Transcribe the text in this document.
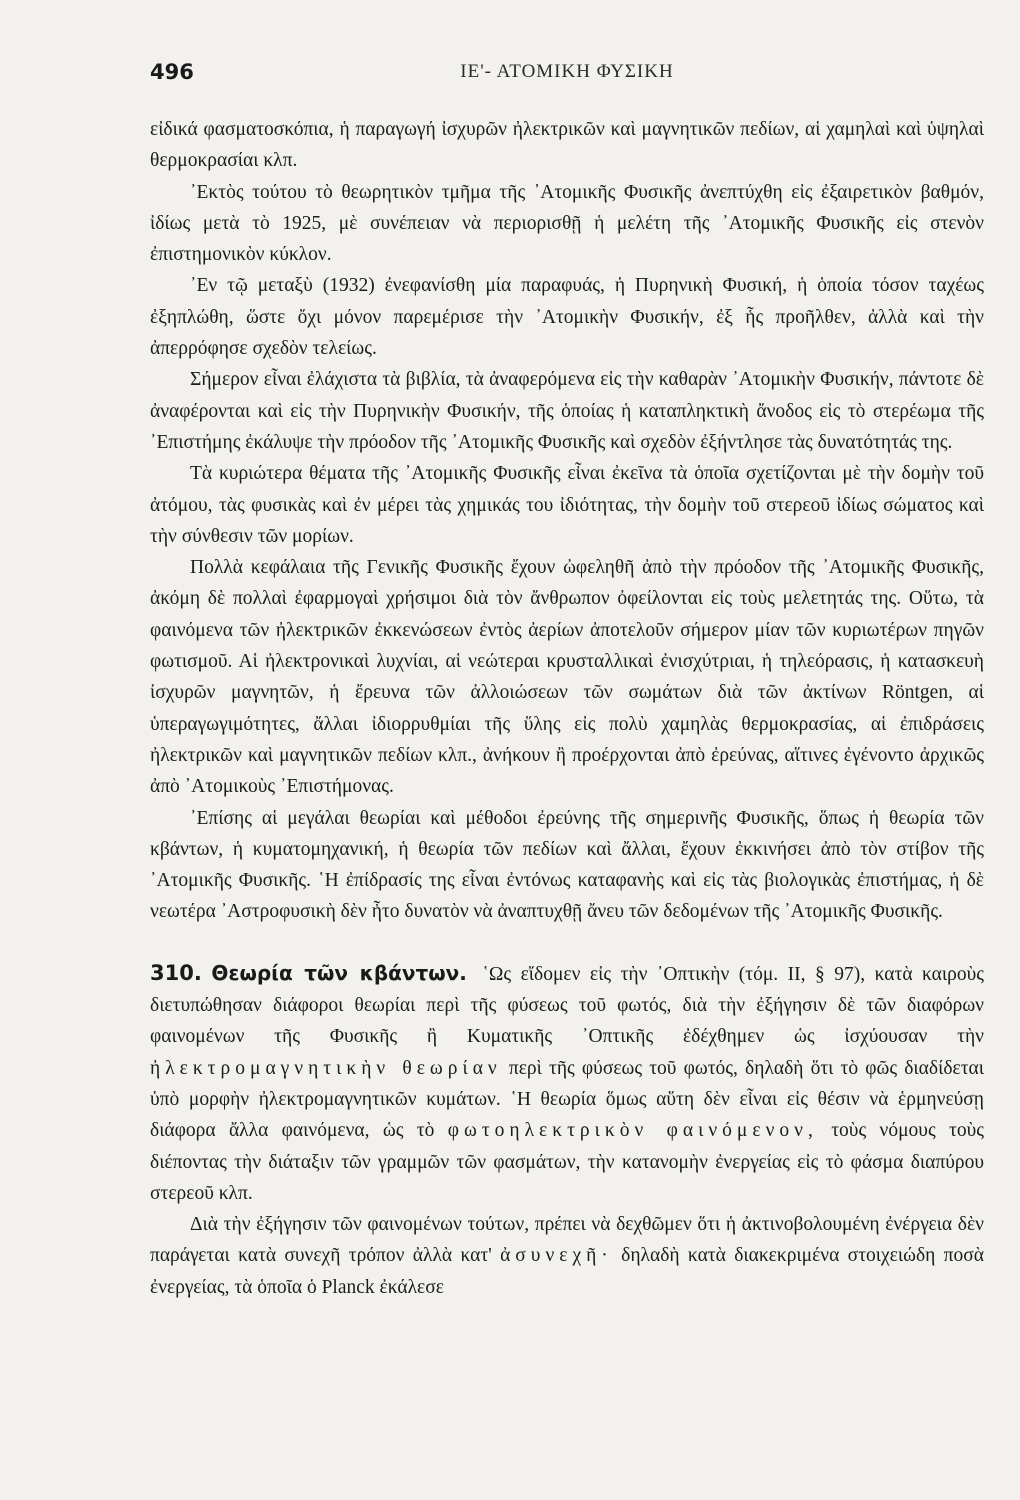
496	ΙΕ'- ΑΤΟΜΙΚΗ ΦΥΣΙΚΗ

εἰδικά φασματοσκόπια, ἡ παραγωγή ἰσχυρῶν ἠλεκτρικῶν καὶ μαγνητικῶν πεδίων, αἱ χαμηλαὶ καὶ ὑψηλαὶ θερμοκρασίαι κλπ.

᾿Εκτὸς τούτου τὸ θεωρητικὸν τμῆμα τῆς ᾿Ατομικῆς Φυσικῆς ἀνεπτύχθη εἰς ἐξαιρετικὸν βαθμόν, ἰδίως μετὰ τὸ 1925, μὲ συνέπειαν νὰ περιορισθῇ ἡ μελέτη τῆς ᾿Ατομικῆς Φυσικῆς εἰς στενὸν ἐπιστημονικὸν κύκλον.

᾿Εν τῷ μεταξὺ (1932) ἐνεφανίσθη μία παραφυάς, ἡ Πυρηνικὴ Φυσική, ἡ ὁποία τόσον ταχέως ἐξηπλώθη, ὥστε ὄχι μόνον παρεμέρισε τὴν ᾿Ατομικὴν Φυσικήν, ἐξ ἧς προῆλθεν, ἀλλὰ καὶ τὴν ἀπερρόφησε σχεδὸν τελείως.

Σήμερον εἶναι ἐλάχιστα τὰ βιβλία, τὰ ἀναφερόμενα εἰς τὴν καθαρὰν ᾿Ατομικὴν Φυσικήν, πάντοτε δὲ ἀναφέρονται καὶ εἰς τὴν Πυρηνικὴν Φυσικήν, τῆς ὁποίας ἡ καταπληκτικὴ ἄνοδος εἰς τὸ στερέωμα τῆς ᾿Επιστήμης ἐκάλυψε τὴν πρόοδον τῆς ᾿Ατομικῆς Φυσικῆς καὶ σχεδὸν ἐξήντλησε τὰς δυνατότητάς της.

Τὰ κυριώτερα θέματα τῆς ᾿Ατομικῆς Φυσικῆς εἶναι ἐκεῖνα τὰ ὁποῖα σχετίζονται μὲ τὴν δομὴν τοῦ ἀτόμου, τὰς φυσικὰς καὶ ἐν μέρει τὰς χημικάς του ἰδιότητας, τὴν δομὴν τοῦ στερεοῦ ἰδίως σώματος καὶ τὴν σύνθεσιν τῶν μορίων.

Πολλὰ κεφάλαια τῆς Γενικῆς Φυσικῆς ἔχουν ὠφεληθῆ ἀπὸ τὴν πρόοδον τῆς ᾿Ατομικῆς Φυσικῆς, ἀκόμη δὲ πολλαὶ ἐφαρμογαὶ χρήσιμοι διὰ τὸν ἄνθρωπον ὀφείλονται εἰς τοὺς μελετητάς της. Οὕτω, τὰ φαινόμενα τῶν ἠλεκτρικῶν ἐκκενώσεων ἐντὸς ἀερίων ἀποτελοῦν σήμερον μίαν τῶν κυριωτέρων πηγῶν φωτισμοῦ. Αἱ ἠλεκτρονικαὶ λυχνίαι, αἱ νεώτεραι κρυσταλλικαὶ ἐνισχύτριαι, ἡ τηλεόρασις, ἡ κατασκευὴ ἰσχυρῶν μαγνητῶν, ἡ ἔρευνα τῶν ἀλλοιώσεων τῶν σωμάτων διὰ τῶν ἀκτίνων Röntgen, αἱ ὑπεραγωγιμότητες, ἄλλαι ἰδιορρυθμίαι τῆς ὕλης εἰς πολὺ χαμηλὰς θερμοκρασίας, αἱ ἐπιδράσεις ἠλεκτρικῶν καὶ μαγνητικῶν πεδίων κλπ., ἀνήκουν ἢ προέρχονται ἀπὸ ἐρεύνας, αἵτινες ἐγένοντο ἀρχικῶς ἀπὸ ᾿Ατομικοὺς ᾿Επιστήμονας.

᾿Επίσης αἱ μεγάλαι θεωρίαι καὶ μέθοδοι ἐρεύνης τῆς σημερινῆς Φυσικῆς, ὅπως ἡ θεωρία τῶν κβάντων, ἡ κυματομηχανική, ἡ θεωρία τῶν πεδίων καὶ ἄλλαι, ἔχουν ἐκκινήσει ἀπὸ τὸν στίβον τῆς ᾿Ατομικῆς Φυσικῆς. ῾Η ἐπίδρασίς της εἶναι ἐντόνως καταφανὴς καὶ εἰς τὰς βιολογικὰς ἐπιστήμας, ἡ δὲ νεωτέρα ᾿Αστροφυσικὴ δὲν ἦτο δυνατὸν νὰ ἀναπτυχθῇ ἄνευ τῶν δεδομένων τῆς ᾿Ατομικῆς Φυσικῆς.

310. Θεωρία τῶν κβάντων. ῾Ως εἴδομεν εἰς τὴν ᾿Οπτικὴν (τόμ. II, § 97), κατὰ καιροὺς διετυπώθησαν διάφοροι θεωρίαι περὶ τῆς φύσεως τοῦ φωτός, διὰ τὴν ἐξήγησιν δὲ τῶν διαφόρων φαινομένων τῆς Φυσικῆς ἢ Κυματικῆς ᾿Οπτικῆς ἐδέχθημεν ὡς ἰσχύουσαν τὴν ἠλεκτρομαγνητικὴν θεωρίαν περὶ τῆς φύσεως τοῦ φωτός, δηλαδὴ ὅτι τὸ φῶς διαδίδεται ὑπὸ μορφὴν ἠλεκτρομαγνητικῶν κυμάτων. ῾Η θεωρία ὅμως αὕτη δὲν εἶναι εἰς θέσιν νὰ ἑρμηνεύσῃ διάφορα ἄλλα φαινόμενα, ὡς τὸ φωτοηλεκτρικὸν φαινόμενον, τοὺς νόμους τοὺς διέποντας τὴν διάταξιν τῶν γραμμῶν τῶν φασμάτων, τὴν κατανομὴν ἐνεργείας εἰς τὸ φάσμα διαπύρου στερεοῦ κλπ.

Διὰ τὴν ἐξήγησιν τῶν φαινομένων τούτων, πρέπει νὰ δεχθῶμεν ὅτι ἡ ἀκτινοβολουμένη ἐνέργεια δὲν παράγεται κατὰ συνεχῆ τρόπον ἀλλὰ κατ' ἀσυνεχῆ· δηλαδὴ κατὰ διακεκριμένα στοιχειώδη ποσὰ ἐνεργείας, τὰ ὁποῖα ὁ Planck ἐκάλεσε
